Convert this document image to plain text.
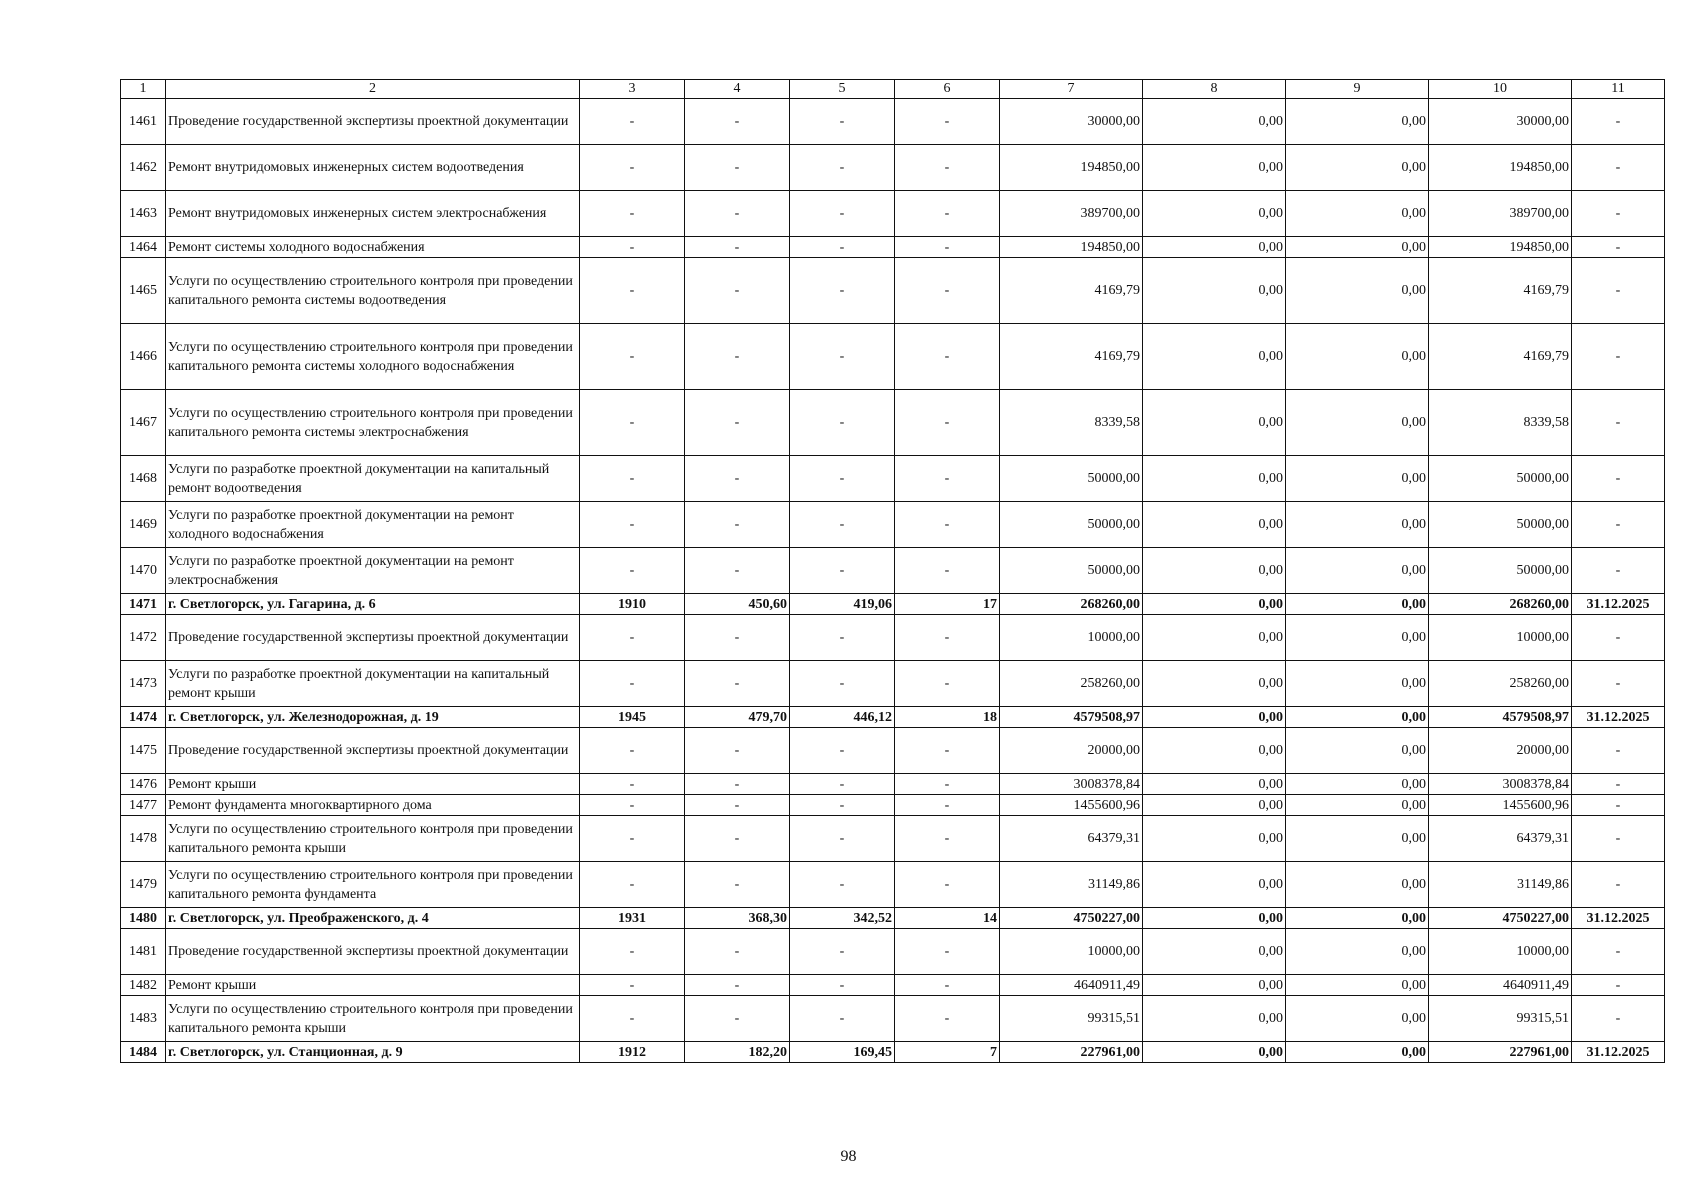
1	2	3	4	5	6	7	8	9	10	11
1461	Проведение государственной экспертизы проектной документации	-	-	-	-	30000,00	0,00	0,00	30000,00	-
1462	Ремонт внутридомовых инженерных систем водоотведения	-	-	-	-	194850,00	0,00	0,00	194850,00	-
1463	Ремонт внутридомовых инженерных систем электроснабжения	-	-	-	-	389700,00	0,00	0,00	389700,00	-
1464	Ремонт системы холодного водоснабжения	-	-	-	-	194850,00	0,00	0,00	194850,00	-
1465	Услуги по осуществлению строительного контроля при проведении капитального ремонта системы водоотведения	-	-	-	-	4169,79	0,00	0,00	4169,79	-
1466	Услуги по осуществлению строительного контроля при проведении капитального ремонта системы холодного водоснабжения	-	-	-	-	4169,79	0,00	0,00	4169,79	-
1467	Услуги по осуществлению строительного контроля при проведении капитального ремонта системы электроснабжения	-	-	-	-	8339,58	0,00	0,00	8339,58	-
1468	Услуги по разработке проектной документации на капитальный ремонт водоотведения	-	-	-	-	50000,00	0,00	0,00	50000,00	-
1469	Услуги по разработке проектной документации на ремонт холодного водоснабжения	-	-	-	-	50000,00	0,00	0,00	50000,00	-
1470	Услуги по разработке проектной документации на ремонт электроснабжения	-	-	-	-	50000,00	0,00	0,00	50000,00	-
1471	г. Светлогорск, ул. Гагарина, д. 6	1910	450,60	419,06	17	268260,00	0,00	0,00	268260,00	31.12.2025
1472	Проведение государственной экспертизы проектной документации	-	-	-	-	10000,00	0,00	0,00	10000,00	-
1473	Услуги по разработке проектной документации на капитальный ремонт крыши	-	-	-	-	258260,00	0,00	0,00	258260,00	-
1474	г. Светлогорск, ул. Железнодорожная, д. 19	1945	479,70	446,12	18	4579508,97	0,00	0,00	4579508,97	31.12.2025
1475	Проведение государственной экспертизы проектной документации	-	-	-	-	20000,00	0,00	0,00	20000,00	-
1476	Ремонт крыши	-	-	-	-	3008378,84	0,00	0,00	3008378,84	-
1477	Ремонт фундамента многоквартирного дома	-	-	-	-	1455600,96	0,00	0,00	1455600,96	-
1478	Услуги по осуществлению строительного контроля при проведении капитального ремонта крыши	-	-	-	-	64379,31	0,00	0,00	64379,31	-
1479	Услуги по осуществлению строительного контроля при проведении капитального ремонта фундамента	-	-	-	-	31149,86	0,00	0,00	31149,86	-
1480	г. Светлогорск, ул. Преображенского, д. 4	1931	368,30	342,52	14	4750227,00	0,00	0,00	4750227,00	31.12.2025
1481	Проведение государственной экспертизы проектной документации	-	-	-	-	10000,00	0,00	0,00	10000,00	-
1482	Ремонт крыши	-	-	-	-	4640911,49	0,00	0,00	4640911,49	-
1483	Услуги по осуществлению строительного контроля при проведении капитального ремонта крыши	-	-	-	-	99315,51	0,00	0,00	99315,51	-
1484	г. Светлогорск, ул. Станционная, д. 9	1912	182,20	169,45	7	227961,00	0,00	0,00	227961,00	31.12.2025
98
